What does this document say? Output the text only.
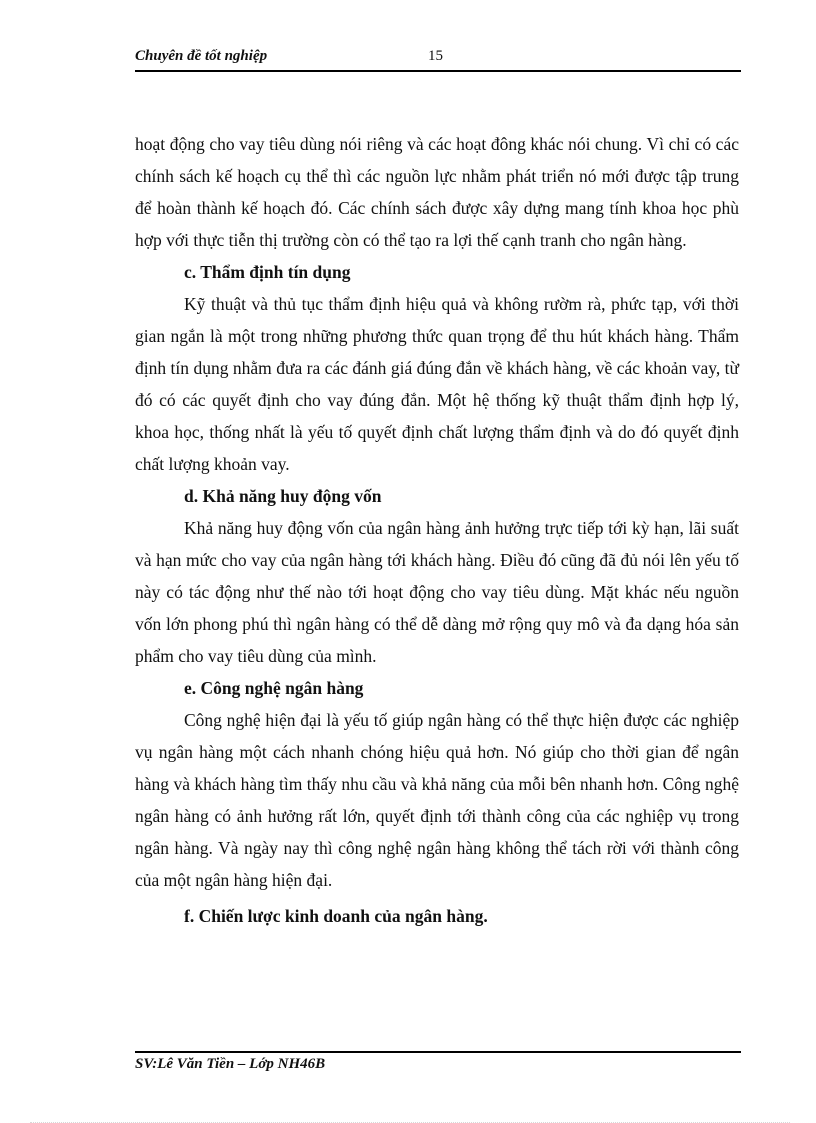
Chuyên đề tốt nghiệp	15

hoạt động cho vay tiêu dùng nói riêng và các hoạt đông khác nói chung. Vì chỉ có các chính sách kế hoạch cụ thể thì các nguồn lực nhằm phát triển nó mới được tập trung để hoàn thành kế hoạch đó. Các chính sách được xây dựng mang tính khoa học phù hợp với thực tiễn thị trường còn có thể tạo ra lợi thế cạnh tranh cho ngân hàng.

c. Thẩm định tín dụng

Kỹ thuật và thủ tục thẩm định hiệu quả và không rườm rà, phức tạp, với thời gian ngắn là một trong những phương thức quan trọng để thu hút khách hàng. Thẩm định tín dụng nhằm đưa ra các đánh giá đúng đắn về khách hàng, về các khoản vay, từ đó có các quyết định cho vay đúng đắn. Một hệ thống kỹ thuật thẩm định hợp lý, khoa học, thống nhất là yếu tố quyết định chất lượng thẩm định và do đó quyết định chất lượng khoản vay.

d. Khả năng huy động vốn

Khả năng huy động vốn của ngân hàng ảnh hưởng trực tiếp tới kỳ hạn, lãi suất và hạn mức cho vay của ngân hàng tới khách hàng. Điều đó cũng đã đủ nói lên yếu tố này có tác động như thế nào tới hoạt động cho vay tiêu dùng. Mặt khác nếu nguồn vốn lớn phong phú thì ngân hàng có thể dễ dàng mở rộng quy mô và đa dạng hóa sản phẩm cho vay tiêu dùng của mình.

e. Công nghệ ngân hàng

Công nghệ hiện đại là yếu tố giúp ngân hàng có thể thực hiện được các nghiệp vụ ngân hàng một cách nhanh chóng hiệu quả hơn. Nó giúp cho thời gian để ngân hàng và khách hàng tìm thấy nhu cầu và khả năng của mỗi bên nhanh hơn. Công nghệ ngân hàng có ảnh hưởng rất lớn, quyết định tới thành công của các nghiệp vụ trong ngân hàng. Và ngày nay thì công nghệ ngân hàng không thể tách rời với thành công của một ngân hàng hiện đại.

f. Chiến lược kinh doanh của ngân hàng.
SV:Lê Văn Tiền – Lớp NH46B
